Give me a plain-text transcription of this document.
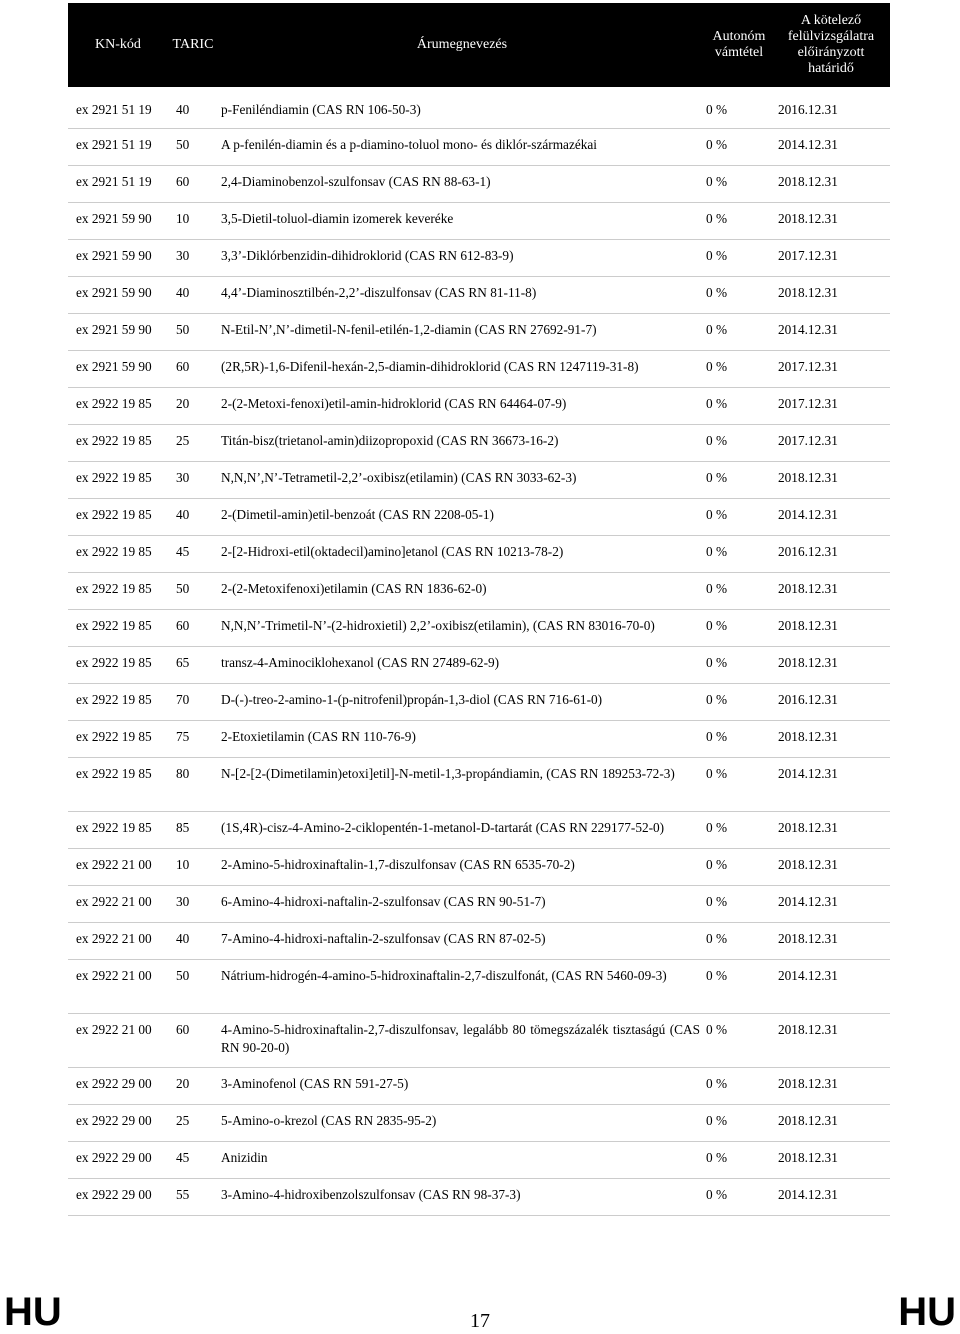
KN-kód	TARIC	Árumegnevezés	Autonóm vámtétel	A kötelező felülvizsgálatra előirányzott határidő
ex 2921 51 19	40	p-Feniléndiamin (CAS RN 106-50-3)	0 %	2016.12.31
ex 2921 51 19	50	A p-fenilén-diamin és a p-diamino-toluol mono- és diklór-származékai	0 %	2014.12.31
ex 2921 51 19	60	2,4-Diaminobenzol-szulfonsav (CAS RN 88-63-1)	0 %	2018.12.31
ex 2921 59 90	10	3,5-Dietil-toluol-diamin izomerek keveréke	0 %	2018.12.31
ex 2921 59 90	30	3,3’-Diklórbenzidin-dihidroklorid (CAS RN 612-83-9)	0 %	2017.12.31
ex 2921 59 90	40	4,4’-Diaminosztilbén-2,2’-diszulfonsav (CAS RN 81-11-8)	0 %	2018.12.31
ex 2921 59 90	50	N-Etil-N’,N’-dimetil-N-fenil-etilén-1,2-diamin (CAS RN 27692-91-7)	0 %	2014.12.31
ex 2921 59 90	60	(2R,5R)-1,6-Difenil-hexán-2,5-diamin-dihidroklorid (CAS RN 1247119-31-8)	0 %	2017.12.31
ex 2922 19 85	20	2-(2-Metoxi-fenoxi)etil-amin-hidroklorid (CAS RN 64464-07-9)	0 %	2017.12.31
ex 2922 19 85	25	Titán-bisz(trietanol-amin)diizopropoxid (CAS RN 36673-16-2)	0 %	2017.12.31
ex 2922 19 85	30	N,N,N’,N’-Tetrametil-2,2’-oxibisz(etilamin) (CAS RN 3033-62-3)	0 %	2018.12.31
ex 2922 19 85	40	2-(Dimetil-amin)etil-benzoát (CAS RN 2208-05-1)	0 %	2014.12.31
ex 2922 19 85	45	2-[2-Hidroxi-etil(oktadecil)amino]etanol (CAS RN 10213-78-2)	0 %	2016.12.31
ex 2922 19 85	50	2-(2-Metoxifenoxi)etilamin (CAS RN 1836-62-0)	0 %	2018.12.31
ex 2922 19 85	60	N,N,N’-Trimetil-N’-(2-hidroxietil) 2,2’-oxibisz(etilamin), (CAS RN 83016-70-0)	0 %	2018.12.31
ex 2922 19 85	65	transz-4-Aminociklohexanol (CAS RN 27489-62-9)	0 %	2018.12.31
ex 2922 19 85	70	D-(-)-treo-2-amino-1-(p-nitrofenil)propán-1,3-diol (CAS RN 716-61-0)	0 %	2016.12.31
ex 2922 19 85	75	2-Etoxietilamin (CAS RN 110-76-9)	0 %	2018.12.31
ex 2922 19 85	80	N-[2-[2-(Dimetilamin)etoxi]etil]-N-metil-1,3-propándiamin, (CAS RN 189253-72-3)	0 %	2014.12.31
ex 2922 19 85	85	(1S,4R)-cisz-4-Amino-2-ciklopentén-1-metanol-D-tartarát (CAS RN 229177-52-0)	0 %	2018.12.31
ex 2922 21 00	10	2-Amino-5-hidroxinaftalin-1,7-diszulfonsav (CAS RN 6535-70-2)	0 %	2018.12.31
ex 2922 21 00	30	6-Amino-4-hidroxi-naftalin-2-szulfonsav (CAS RN 90-51-7)	0 %	2014.12.31
ex 2922 21 00	40	7-Amino-4-hidroxi-naftalin-2-szulfonsav (CAS RN 87-02-5)	0 %	2018.12.31
ex 2922 21 00	50	Nátrium-hidrogén-4-amino-5-hidroxinaftalin-2,7-diszulfonát, (CAS RN 5460-09-3)	0 %	2014.12.31
ex 2922 21 00	60	4-Amino-5-hidroxinaftalin-2,7-diszulfonsav, legalább 80 tömegszázalék tisztaságú (CAS RN 90-20-0)	0 %	2018.12.31
ex 2922 29 00	20	3-Aminofenol (CAS RN 591-27-5)	0 %	2018.12.31
ex 2922 29 00	25	5-Amino-o-krezol (CAS RN 2835-95-2)	0 %	2018.12.31
ex 2922 29 00	45	Anizidin	0 %	2018.12.31
ex 2922 29 00	55	3-Amino-4-hidroxibenzolszulfonsav (CAS RN 98-37-3)	0 %	2014.12.31
HU	17	HU
